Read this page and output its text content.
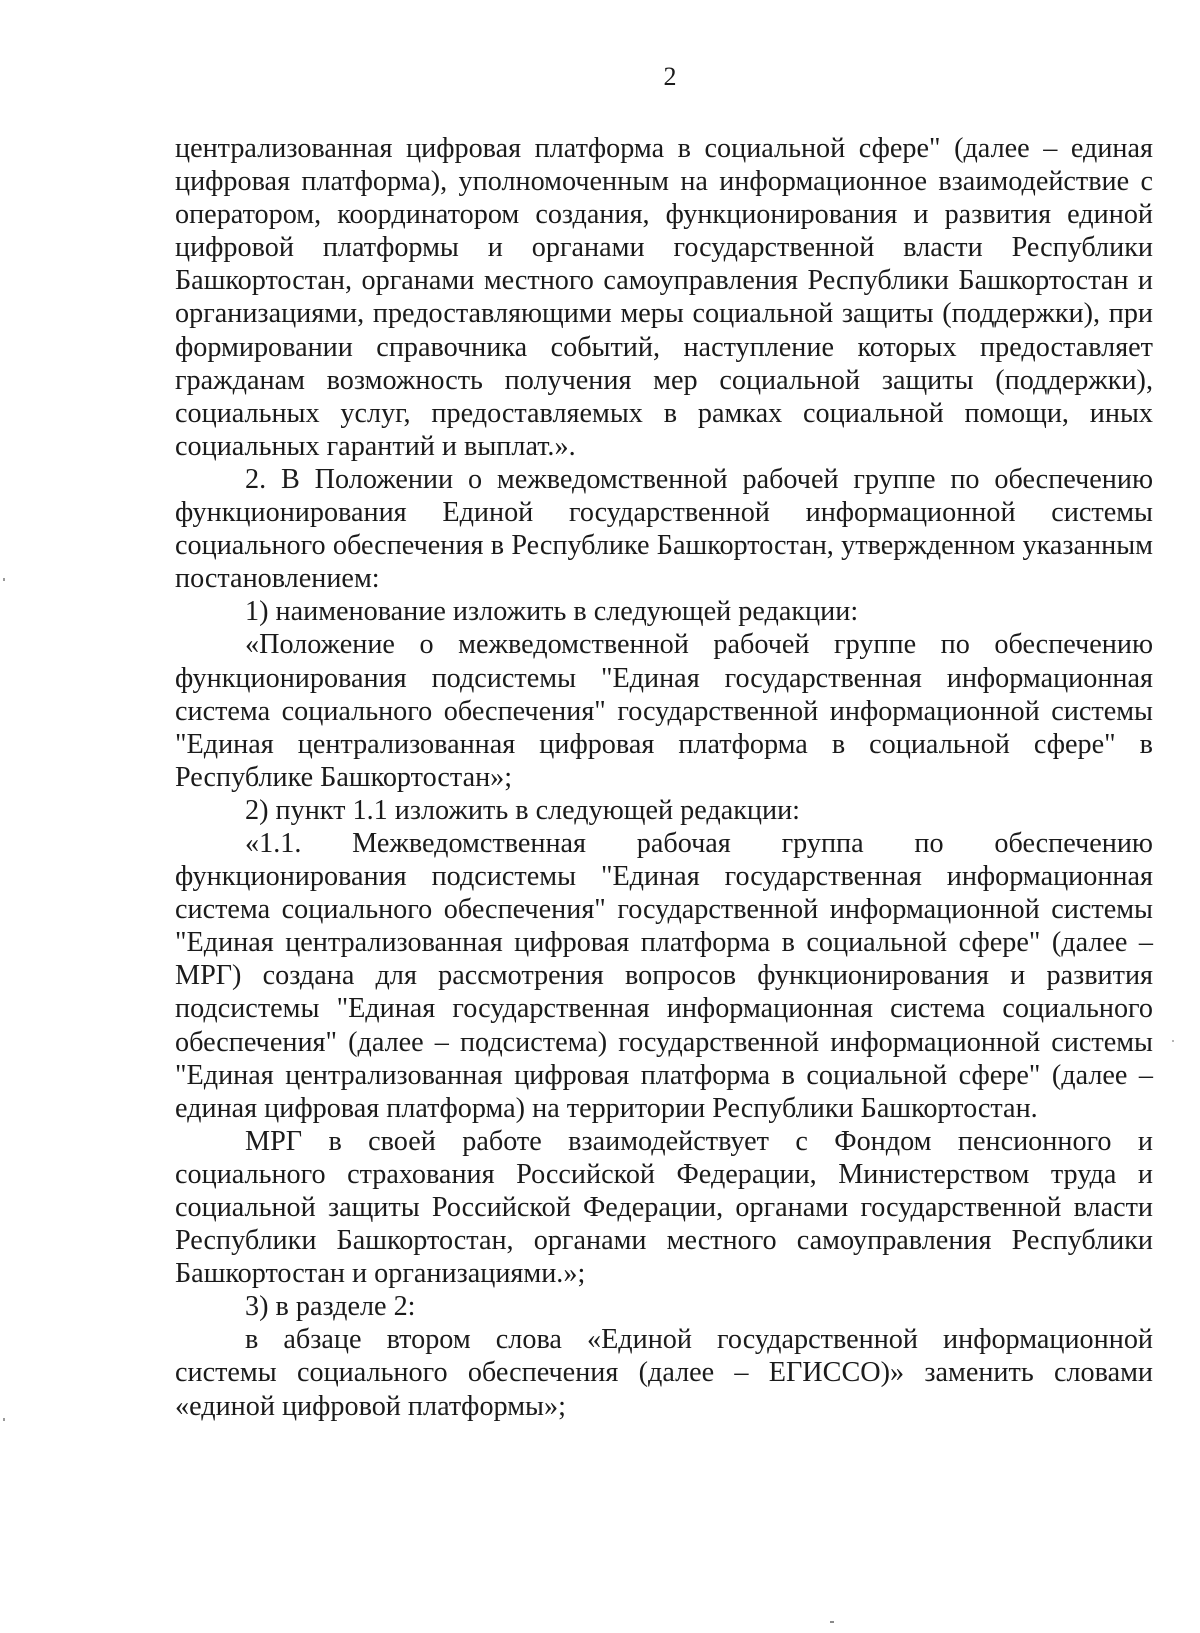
2

централизованная цифровая платформа в социальной сфере" (далее – единая цифровая платформа), уполномоченным на информационное взаимодействие с оператором, координатором создания, функционирования и развития единой цифровой платформы и органами государственной власти Республики Башкортостан, органами местного самоуправления Республики Башкортостан и организациями, предоставляющими меры социальной защиты (поддержки), при формировании справочника событий, наступление которых предоставляет гражданам возможность получения мер социальной защиты (поддержки), социальных услуг, предоставляемых в рамках социальной помощи, иных социальных гарантий и выплат.».

2. В Положении о межведомственной рабочей группе по обеспечению функционирования Единой государственной информационной системы социального обеспечения в Республике Башкортостан, утвержденном указанным постановлением:

1) наименование изложить в следующей редакции:

«Положение о межведомственной рабочей группе по обеспечению функционирования подсистемы "Единая государственная информационная система социального обеспечения" государственной информационной системы "Единая централизованная цифровая платформа в социальной сфере" в Республике Башкортостан»;

2) пункт 1.1 изложить в следующей редакции:

«1.1. Межведомственная рабочая группа по обеспечению функционирования подсистемы "Единая государственная информационная система социального обеспечения" государственной информационной системы "Единая централизованная цифровая платформа в социальной сфере" (далее – МРГ) создана для рассмотрения вопросов функционирования и развития подсистемы "Единая государственная информационная система социального обеспечения" (далее – подсистема) государственной информационной системы "Единая централизованная цифровая платформа в социальной сфере" (далее – единая цифровая платформа) на территории Республики Башкортостан.

МРГ в своей работе взаимодействует с Фондом пенсионного и социального страхования Российской Федерации, Министерством труда и социальной защиты Российской Федерации, органами государственной власти Республики Башкортостан, органами местного самоуправления Республики Башкортостан и организациями.»;

3) в разделе 2:

в абзаце втором слова «Единой государственной информационной системы социального обеспечения (далее – ЕГИССО)» заменить словами «единой цифровой платформы»;
